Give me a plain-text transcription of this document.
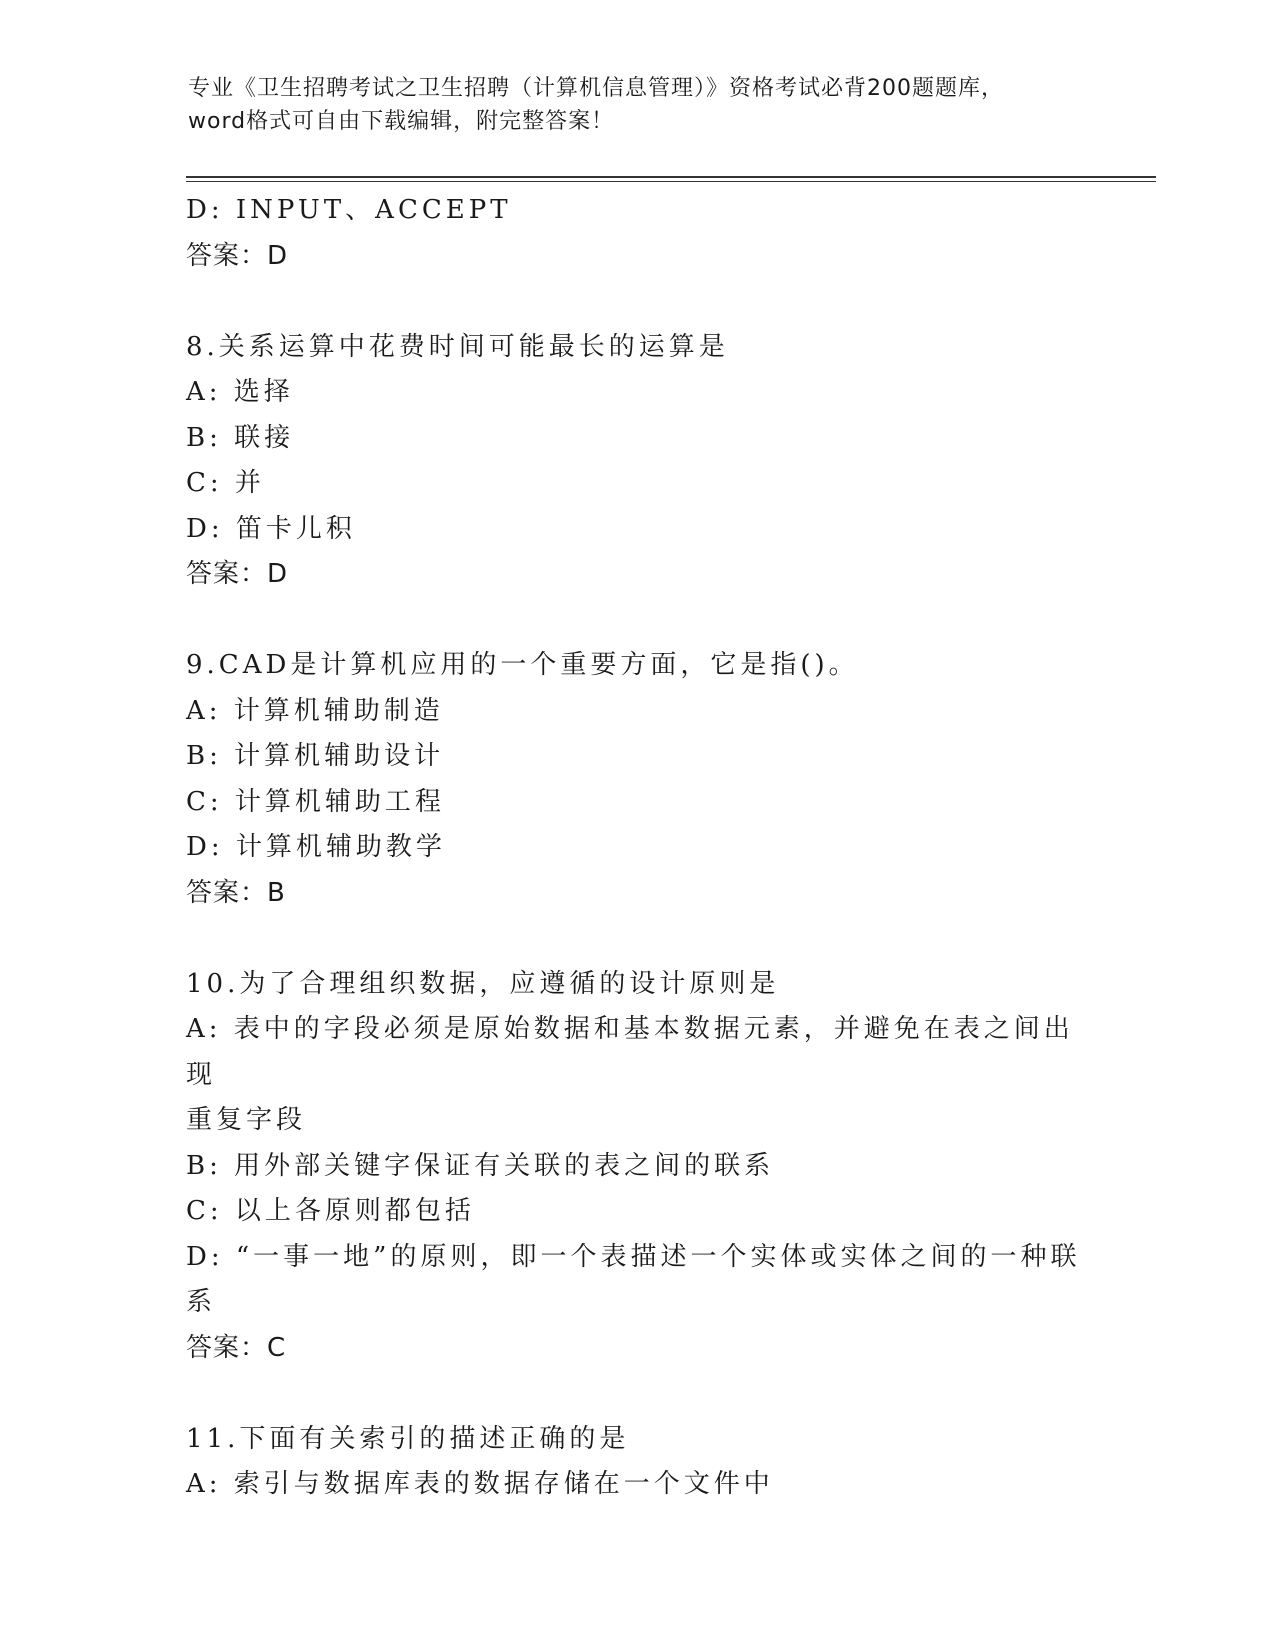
专业《卫生招聘考试之卫生招聘（计算机信息管理）》资格考试必背200题题库，
word格式可自由下载编辑，附完整答案！
D: INPUT、ACCEPT
答案：D
8.关系运算中花费时间可能最长的运算是
A: 选择
B: 联接
C: 并
D: 笛卡儿积
答案：D
9.CAD是计算机应用的一个重要方面，它是指()。
A: 计算机辅助制造
B: 计算机辅助设计
C: 计算机辅助工程
D: 计算机辅助教学
答案：B
10.为了合理组织数据，应遵循的设计原则是
A: 表中的字段必须是原始数据和基本数据元素，并避免在表之间出现
重复字段
B: 用外部关键字保证有关联的表之间的联系
C: 以上各原则都包括
D: “一事一地”的原则，即一个表描述一个实体或实体之间的一种联
系
答案：C
11.下面有关索引的描述正确的是
A: 索引与数据库表的数据存储在一个文件中
